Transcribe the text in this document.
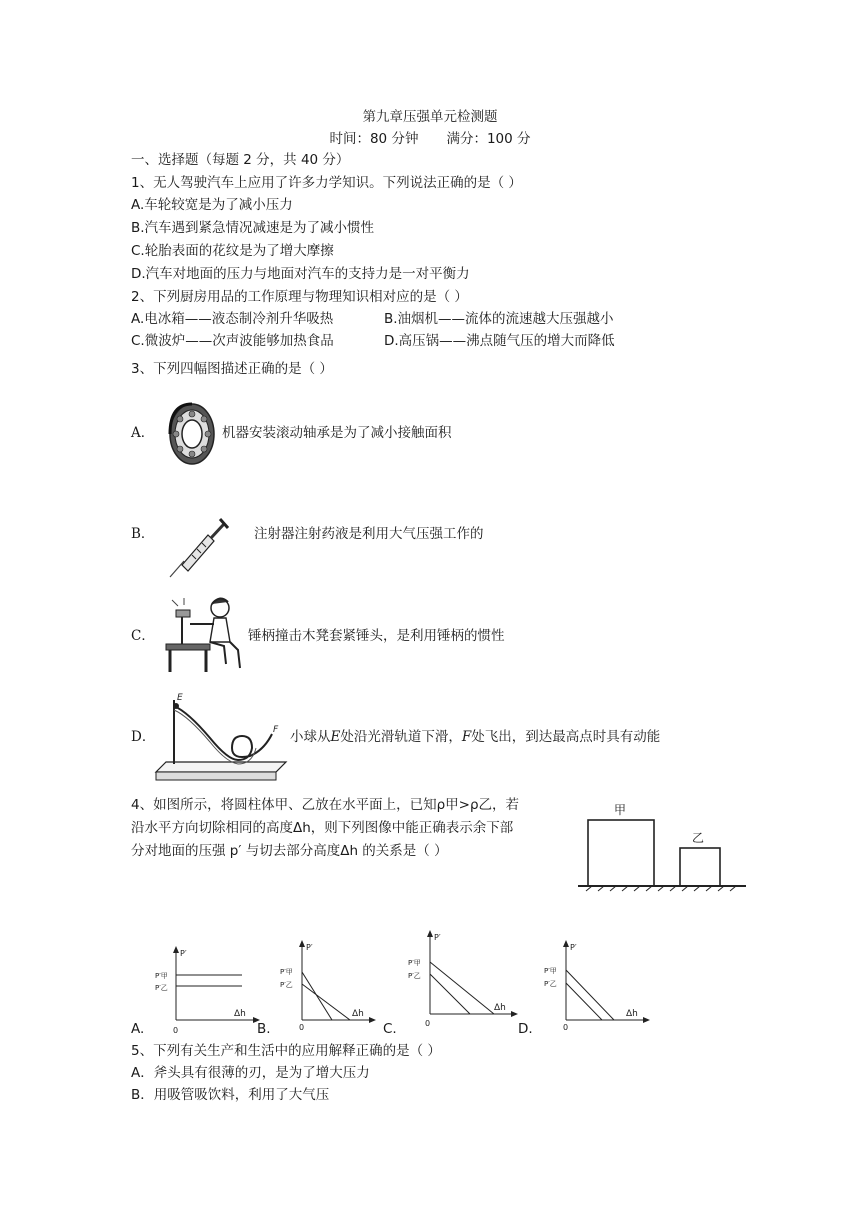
第九章压强单元检测题
时间：80 分钟 满分：100 分
一、选择题（每题 2 分，共 40 分）
1、无人驾驶汽车上应用了许多力学知识。下列说法正确的是（ ）
A.车轮较宽是为了减小压力
B.汽车遇到紧急情况减速是为了减小惯性
C.轮胎表面的花纹是为了增大摩擦
D.汽车对地面的压力与地面对汽车的支持力是一对平衡力
2、下列厨房用品的工作原理与物理知识相对应的是（ ）
A.电冰箱——液态制冷剂升华吸热	B.油烟机——流体的流速越大压强越小
C.微波炉——次声波能够加热食品	D.高压锅——沸点随气压的增大而降低
3、下列四幅图描述正确的是（ ）
A．	机器安装滚动轴承是为了减小接触面积
B．	注射器注射药液是利用大气压强工作的
C．	锤柄撞击木凳套紧锤头，是利用锤柄的惯性
D．
E
F 小球从E处沿光滑轨道下滑，F处飞出，到达最高点时具有动能
4、如图所示，将圆柱体甲、乙放在水平面上，已知ρ甲>ρ乙，若
沿水平方向切除相同的高度Δh，则下列图像中能正确表示余下部
分对地面的压强 p′ 与切去部分高度Δh 的关系是（ ）
甲
乙
A.
P′
P′甲
P′乙
Δh
0	B.
P′
P′甲
P′乙
Δh
0	C.
P′
P′甲
P′乙
Δh
0	D.
P′
P′甲
P′乙
Δh
0
5、下列有关生产和生活中的应用解释正确的是（ ）
A．斧头具有很薄的刃，是为了增大压力
B．用吸管吸饮料，利用了大气压
